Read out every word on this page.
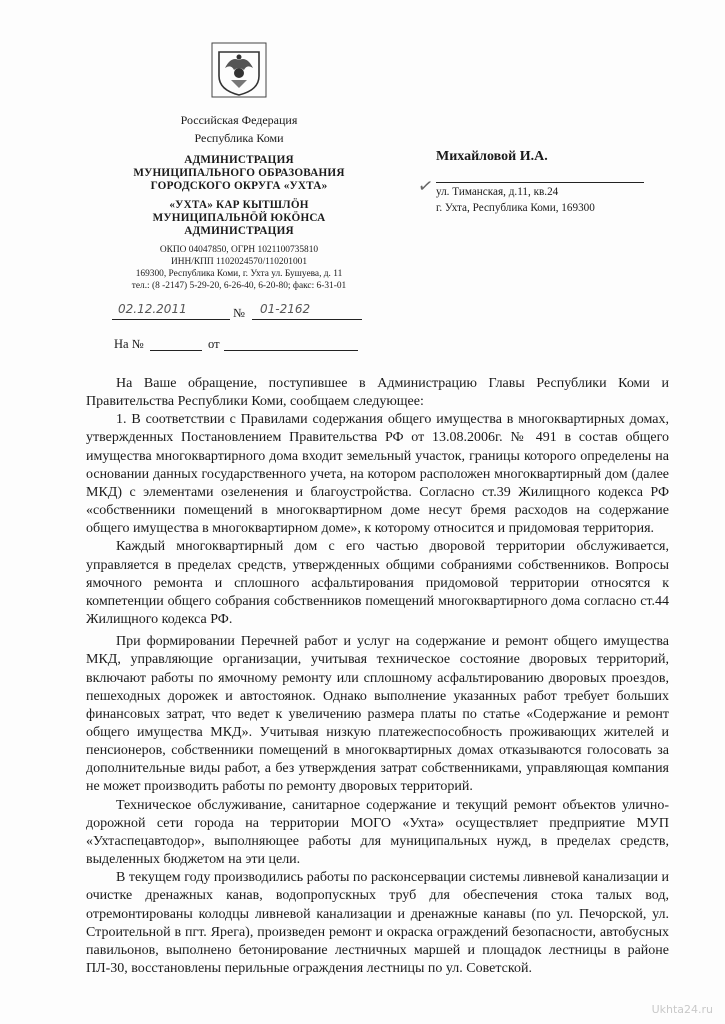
Российская Федерация
Республика Коми
АДМИНИСТРАЦИЯ
МУНИЦИПАЛЬНОГО ОБРАЗОВАНИЯ
ГОРОДСКОГО ОКРУГА «УХТА»
«УХТА» КАР КЫТШЛӦН
МУНИЦИПАЛЬНӦЙ ЮКӦНСА
АДМИНИСТРАЦИЯ
ОКПО 04047850, ОГРН 1021100735810
ИНН/КПП 1102024570/110201001
169300, Республика Коми, г. Ухта ул. Бушуева, д. 11
тел.: (8 -2147) 5-29-20, 6-26-40, 6-20-80; факс: 6-31-01
02.12.2011	№ 01-2162
На №	от
Михайловой И.А.
✓ ул. Тиманская, д.11, кв.24
г. Ухта, Республика Коми, 169300

На Ваше обращение, поступившее в Администрацию Главы Республики Коми и Правительства Республики Коми, сообщаем следующее:

1. В соответствии с Правилами содержания общего имущества в многоквартирных домах, утвержденных Постановлением Правительства РФ от 13.08.2006г. № 491 в состав общего имущества многоквартирного дома входит земельный участок, границы которого определены на основании данных государственного учета, на котором расположен многоквартирный дом (далее МКД) с элементами озеленения и благоустройства. Согласно ст.39 Жилищного кодекса РФ «собственники помещений в многоквартирном доме несут бремя расходов на содержание общего имущества в многоквартирном доме», к которому относится и придомовая территория.

Каждый многоквартирный дом с его частью дворовой территории обслуживается, управляется в пределах средств, утвержденных общими собраниями собственников. Вопросы ямочного ремонта и сплошного асфальтирования придомовой территории относятся к компетенции общего собрания собственников помещений многоквартирного дома согласно ст.44 Жилищного кодекса РФ.

При формировании Перечней работ и услуг на содержание и ремонт общего имущества МКД, управляющие организации, учитывая техническое состояние дворовых территорий, включают работы по ямочному ремонту или сплошному асфальтированию дворовых проездов, пешеходных дорожек и автостоянок. Однако выполнение указанных работ требует больших финансовых затрат, что ведет к увеличению размера платы по статье «Содержание и ремонт общего имущества МКД». Учитывая низкую платежеспособность проживающих жителей и пенсионеров, собственники помещений в многоквартирных домах отказываются голосовать за дополнительные виды работ, а без утверждения затрат собственниками, управляющая компания не может производить работы по ремонту дворовых территорий.

Техническое обслуживание, санитарное содержание и текущий ремонт объектов улично-дорожной сети города на территории МОГО «Ухта» осуществляет предприятие МУП «Ухтаспецавтодор», выполняющее работы для муниципальных нужд, в пределах средств, выделенных бюджетом на эти цели.

В текущем году производились работы по расконсервации системы ливневой канализации и очистке дренажных канав, водопропускных труб для обеспечения стока талых вод, отремонтированы колодцы ливневой канализации и дренажные канавы (по ул. Печорской, ул. Строительной в пгт. Ярега), произведен ремонт и окраска ограждений безопасности, автобусных павильонов, выполнено бетонирование лестничных маршей и площадок лестницы в районе ПЛ-30, восстановлены перильные ограждения лестницы по ул. Советской.

Ukhta24.ru
